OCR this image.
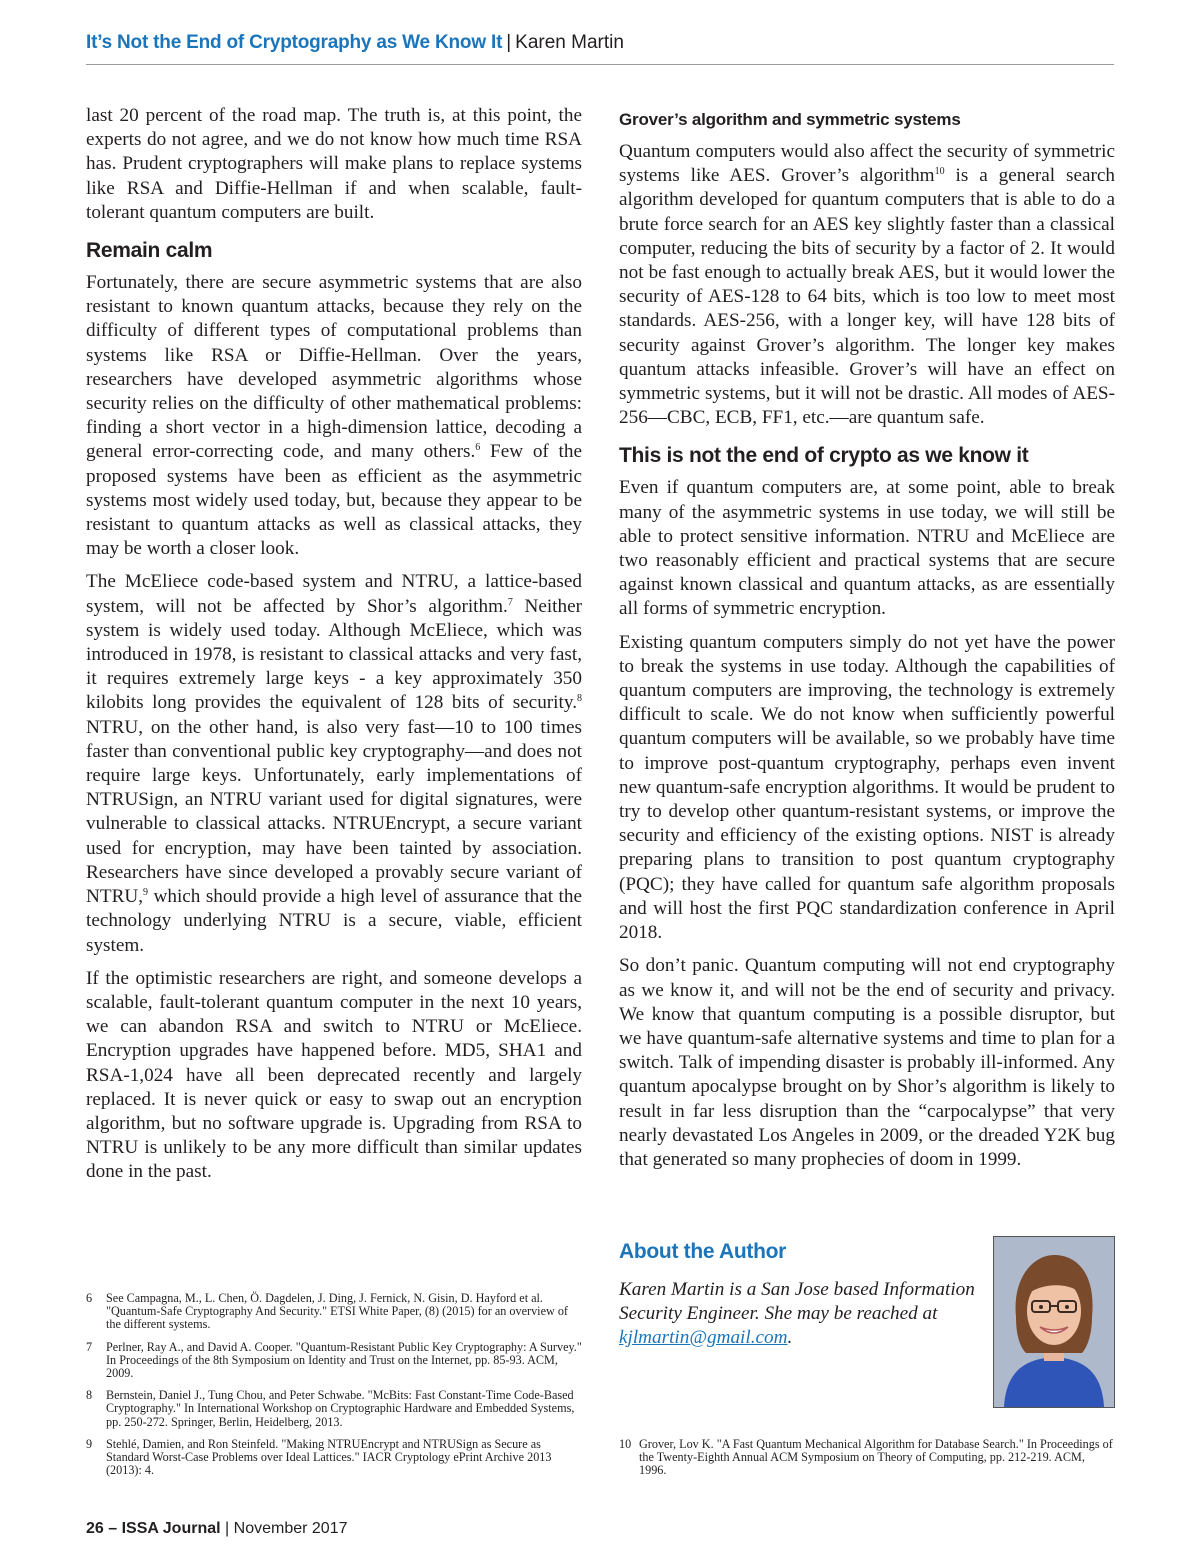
It’s Not the End of Cryptography as We Know It | Karen Martin

last 20 percent of the road map. The truth is, at this point, the experts do not agree, and we do not know how much time RSA has. Prudent cryptographers will make plans to replace systems like RSA and Diffie-Hellman if and when scalable, fault-tolerant quantum computers are built.

Remain calm

Fortunately, there are secure asymmetric systems that are also resistant to known quantum attacks, because they rely on the difficulty of different types of computational problems than systems like RSA or Diffie-Hellman. Over the years, researchers have developed asymmetric algorithms whose security relies on the difficulty of other mathematical problems: finding a short vector in a high-dimension lattice, decoding a general error-correcting code, and many others.$^6$ Few of the proposed systems have been as efficient as the asymmetric systems most widely used today, but, because they appear to be resistant to quantum attacks as well as classical attacks, they may be worth a closer look.

The McEliece code-based system and NTRU, a lattice-based system, will not be affected by Shor’s algorithm.$^7$ Neither system is widely used today. Although McEliece, which was introduced in 1978, is resistant to classical attacks and very fast, it requires extremely large keys - a key approximately 350 kilobits long provides the equivalent of 128 bits of security.$^8$ NTRU, on the other hand, is also very fast—10 to 100 times faster than conventional public key cryptography—and does not require large keys. Unfortunately, early implementations of NTRUSign, an NTRU variant used for digital signatures, were vulnerable to classical attacks. NTRUEncrypt, a secure variant used for encryption, may have been tainted by association. Researchers have since developed a provably secure variant of NTRU,$^9$ which should provide a high level of assurance that the technology underlying NTRU is a secure, viable, efficient system.

If the optimistic researchers are right, and someone develops a scalable, fault-tolerant quantum computer in the next 10 years, we can abandon RSA and switch to NTRU or McEliece. Encryption upgrades have happened before. MD5, SHA1 and RSA-1,024 have all been deprecated recently and largely replaced. It is never quick or easy to swap out an encryption algorithm, but no software upgrade is. Upgrading from RSA to NTRU is unlikely to be any more difficult than similar updates done in the past.

Grover’s algorithm and symmetric systems

Quantum computers would also affect the security of symmetric systems like AES. Grover’s algorithm$^{10}$ is a general search algorithm developed for quantum computers that is able to do a brute force search for an AES key slightly faster than a classical computer, reducing the bits of security by a factor of 2. It would not be fast enough to actually break AES, but it would lower the security of AES-128 to 64 bits, which is too low to meet most standards. AES-256, with a longer key, will have 128 bits of security against Grover’s algorithm. The longer key makes quantum attacks infeasible. Grover’s will have an effect on symmetric systems, but it will not be drastic. All modes of AES-256—CBC, ECB, FF1, etc.—are quantum safe.

This is not the end of crypto as we know it

Even if quantum computers are, at some point, able to break many of the asymmetric systems in use today, we will still be able to protect sensitive information. NTRU and McEliece are two reasonably efficient and practical systems that are secure against known classical and quantum attacks, as are essentially all forms of symmetric encryption.

Existing quantum computers simply do not yet have the power to break the systems in use today. Although the capabilities of quantum computers are improving, the technology is extremely difficult to scale. We do not know when sufficiently powerful quantum computers will be available, so we probably have time to improve post-quantum cryptography, perhaps even invent new quantum-safe encryption algorithms. It would be prudent to try to develop other quantum-resistant systems, or improve the security and efficiency of the existing options. NIST is already preparing plans to transition to post quantum cryptography (PQC); they have called for quantum safe algorithm proposals and will host the first PQC standardization conference in April 2018.

So don’t panic. Quantum computing will not end cryptography as we know it, and will not be the end of security and privacy. We know that quantum computing is a possible disruptor, but we have quantum-safe alternative systems and time to plan for a switch. Talk of impending disaster is probably ill-informed. Any quantum apocalypse brought on by Shor’s algorithm is likely to result in far less disruption than the “carpocalypse” that very nearly devastated Los Angeles in 2009, or the dreaded Y2K bug that generated so many prophecies of doom in 1999.

About the Author
Karen Martin is a San Jose based Information Security Engineer. She may be reached at kjlmartin@gmail.com.
6	See Campagna, M., L. Chen, Ö. Dagdelen, J. Ding, J. Fernick, N. Gisin, D. Hayford et al. "Quantum-Safe Cryptography And Security." ETSI White Paper, (8) (2015) for an overview of the different systems.
7	Perlner, Ray A., and David A. Cooper. "Quantum-Resistant Public Key Cryptography: A Survey." In Proceedings of the 8th Symposium on Identity and Trust on the Internet, pp. 85-93. ACM, 2009.
8	Bernstein, Daniel J., Tung Chou, and Peter Schwabe. "McBits: Fast Constant-Time Code-Based Cryptography." In International Workshop on Cryptographic Hardware and Embedded Systems, pp. 250-272. Springer, Berlin, Heidelberg, 2013.
9	Stehlé, Damien, and Ron Steinfeld. "Making NTRUEncrypt and NTRUSign as Secure as Standard Worst-Case Problems over Ideal Lattices." IACR Cryptology ePrint Archive 2013 (2013): 4.
10 Grover, Lov K. "A Fast Quantum Mechanical Algorithm for Database Search." In Proceedings of the Twenty-Eighth Annual ACM Symposium on Theory of Computing, pp. 212-219. ACM, 1996.
26 – ISSA Journal | November 2017
